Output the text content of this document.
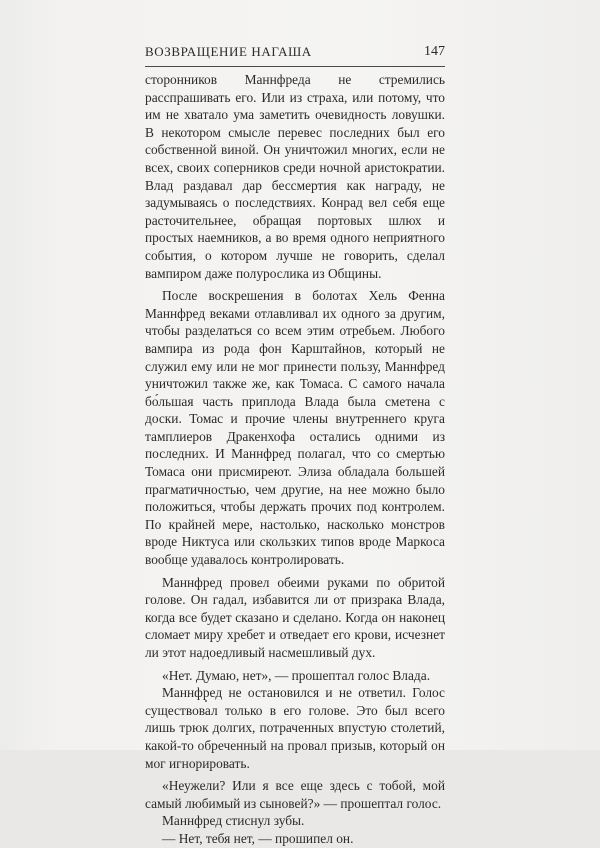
ВОЗВРАЩЕНИЕ НАГАША	147

сторонников Маннфреда не стремились расспрашивать его. Или из страха, или потому, что им не хватало ума заметить очевидность ловушки. В некотором смысле перевес последних был его собственной виной. Он уничтожил многих, если не всех, своих соперников среди ночной аристократии. Влад раздавал дар бессмертия как награду, не задумываясь о последствиях. Конрад вел себя еще расточительнее, обращая портовых шлюх и простых наемников, а во время одного неприятного события, о котором лучше не говорить, сделал вампиром даже полурослика из Общины.

После воскрешения в болотах Хель Фенна Маннфред веками отлавливал их одного за другим, чтобы разделаться со всем этим отребьем. Любого вампира из рода фон Карштайнов, который не служил ему или не мог принести пользу, Маннфред уничтожил также же, как Томаса. С самого начала бо́льшая часть приплода Влада была сметена с доски. Томас и прочие члены внутреннего круга тамплиеров Дракенхофа остались одними из последних. И Маннфред полагал, что со смертью Томаса они присмиреют. Элиза обладала большей прагматичностью, чем другие, на нее можно было положиться, чтобы держать прочих под контролем. По крайней мере, настолько, насколько монстров вроде Никтуса или скользких типов вроде Маркоса вообще удавалось контролировать.

Маннфред провел обеими руками по обритой голове. Он гадал, избавится ли от призрака Влада, когда все будет сказано и сделано. Когда он наконец сломает миру хребет и отведает его крови, исчезнет ли этот надоедливый насмешливый дух.

«Нет. Думаю, нет», — прошептал голос Влада.

Маннфред не остановился и не ответил. Голос существовал только в его голове. Это был всего лишь трюк долгих, потраченных впустую столетий, какой-то обреченный на провал призыв, который он мог игнорировать.

«Неужели? Или я все еще здесь с тобой, мой самый любимый из сыновей?» — прошептал голос.

Маннфред стиснул зубы.

— Нет, тебя нет, — прошипел он.
